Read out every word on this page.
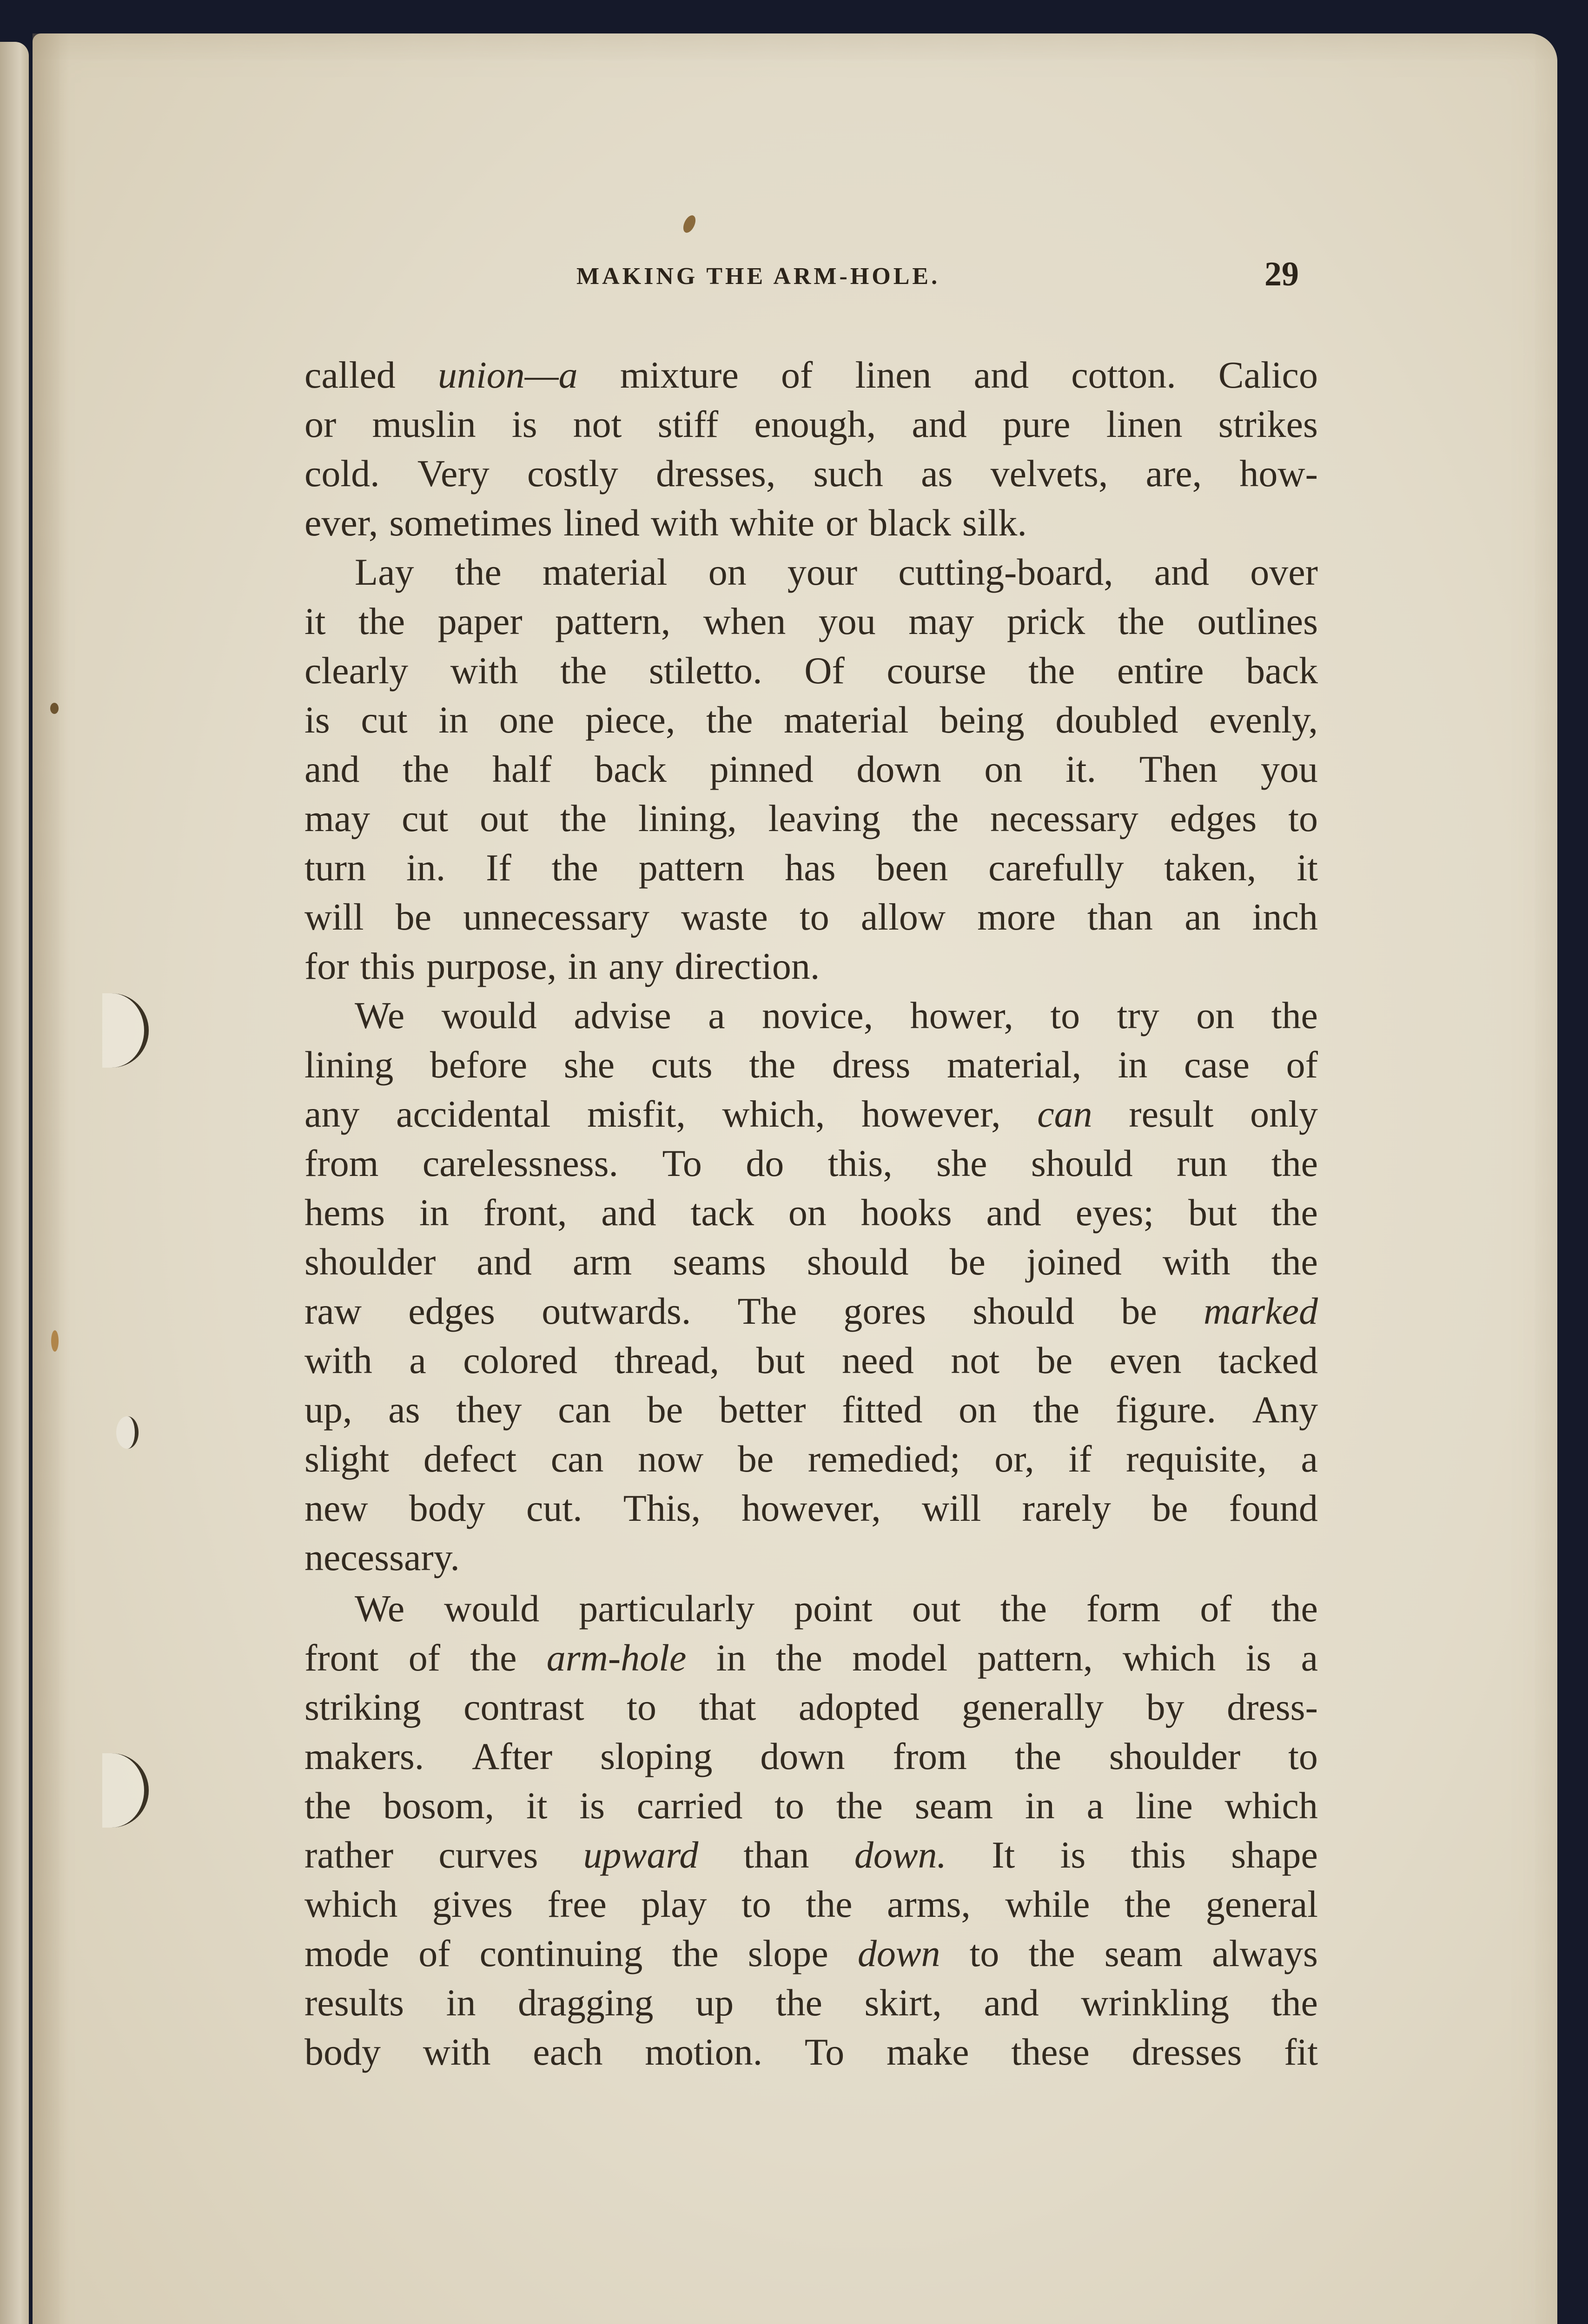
MAKING THE ARM-HOLE.	29
called union—a mixture of linen and cotton. Calico
or muslin is not stiff enough, and pure linen strikes
cold. Very costly dresses, such as velvets, are, how-
ever, sometimes lined with white or black silk.
Lay the material on your cutting-board, and over
it the paper pattern, when you may prick the outlines
clearly with the stiletto. Of course the entire back
is cut in one piece, the material being doubled evenly,
and the half back pinned down on it. Then you
may cut out the lining, leaving the necessary edges to
turn in. If the pattern has been carefully taken, it
will be unnecessary waste to allow more than an inch
for this purpose, in any direction.
We would advise a novice, hower, to try on the
lining before she cuts the dress material, in case of
any accidental misfit, which, however, can result only
from carelessness. To do this, she should run the
hems in front, and tack on hooks and eyes; but the
shoulder and arm seams should be joined with the
raw edges outwards. The gores should be marked
with a colored thread, but need not be even tacked
up, as they can be better fitted on the figure. Any
slight defect can now be remedied; or, if requisite, a
new body cut. This, however, will rarely be found
necessary.
We would particularly point out the form of the
front of the arm-hole in the model pattern, which is a
striking contrast to that adopted generally by dress-
makers. After sloping down from the shoulder to
the bosom, it is carried to the seam in a line which
rather curves upward than down. It is this shape
which gives free play to the arms, while the general
mode of continuing the slope down to the seam always
results in dragging up the skirt, and wrinkling the
body with each motion. To make these dresses fit
